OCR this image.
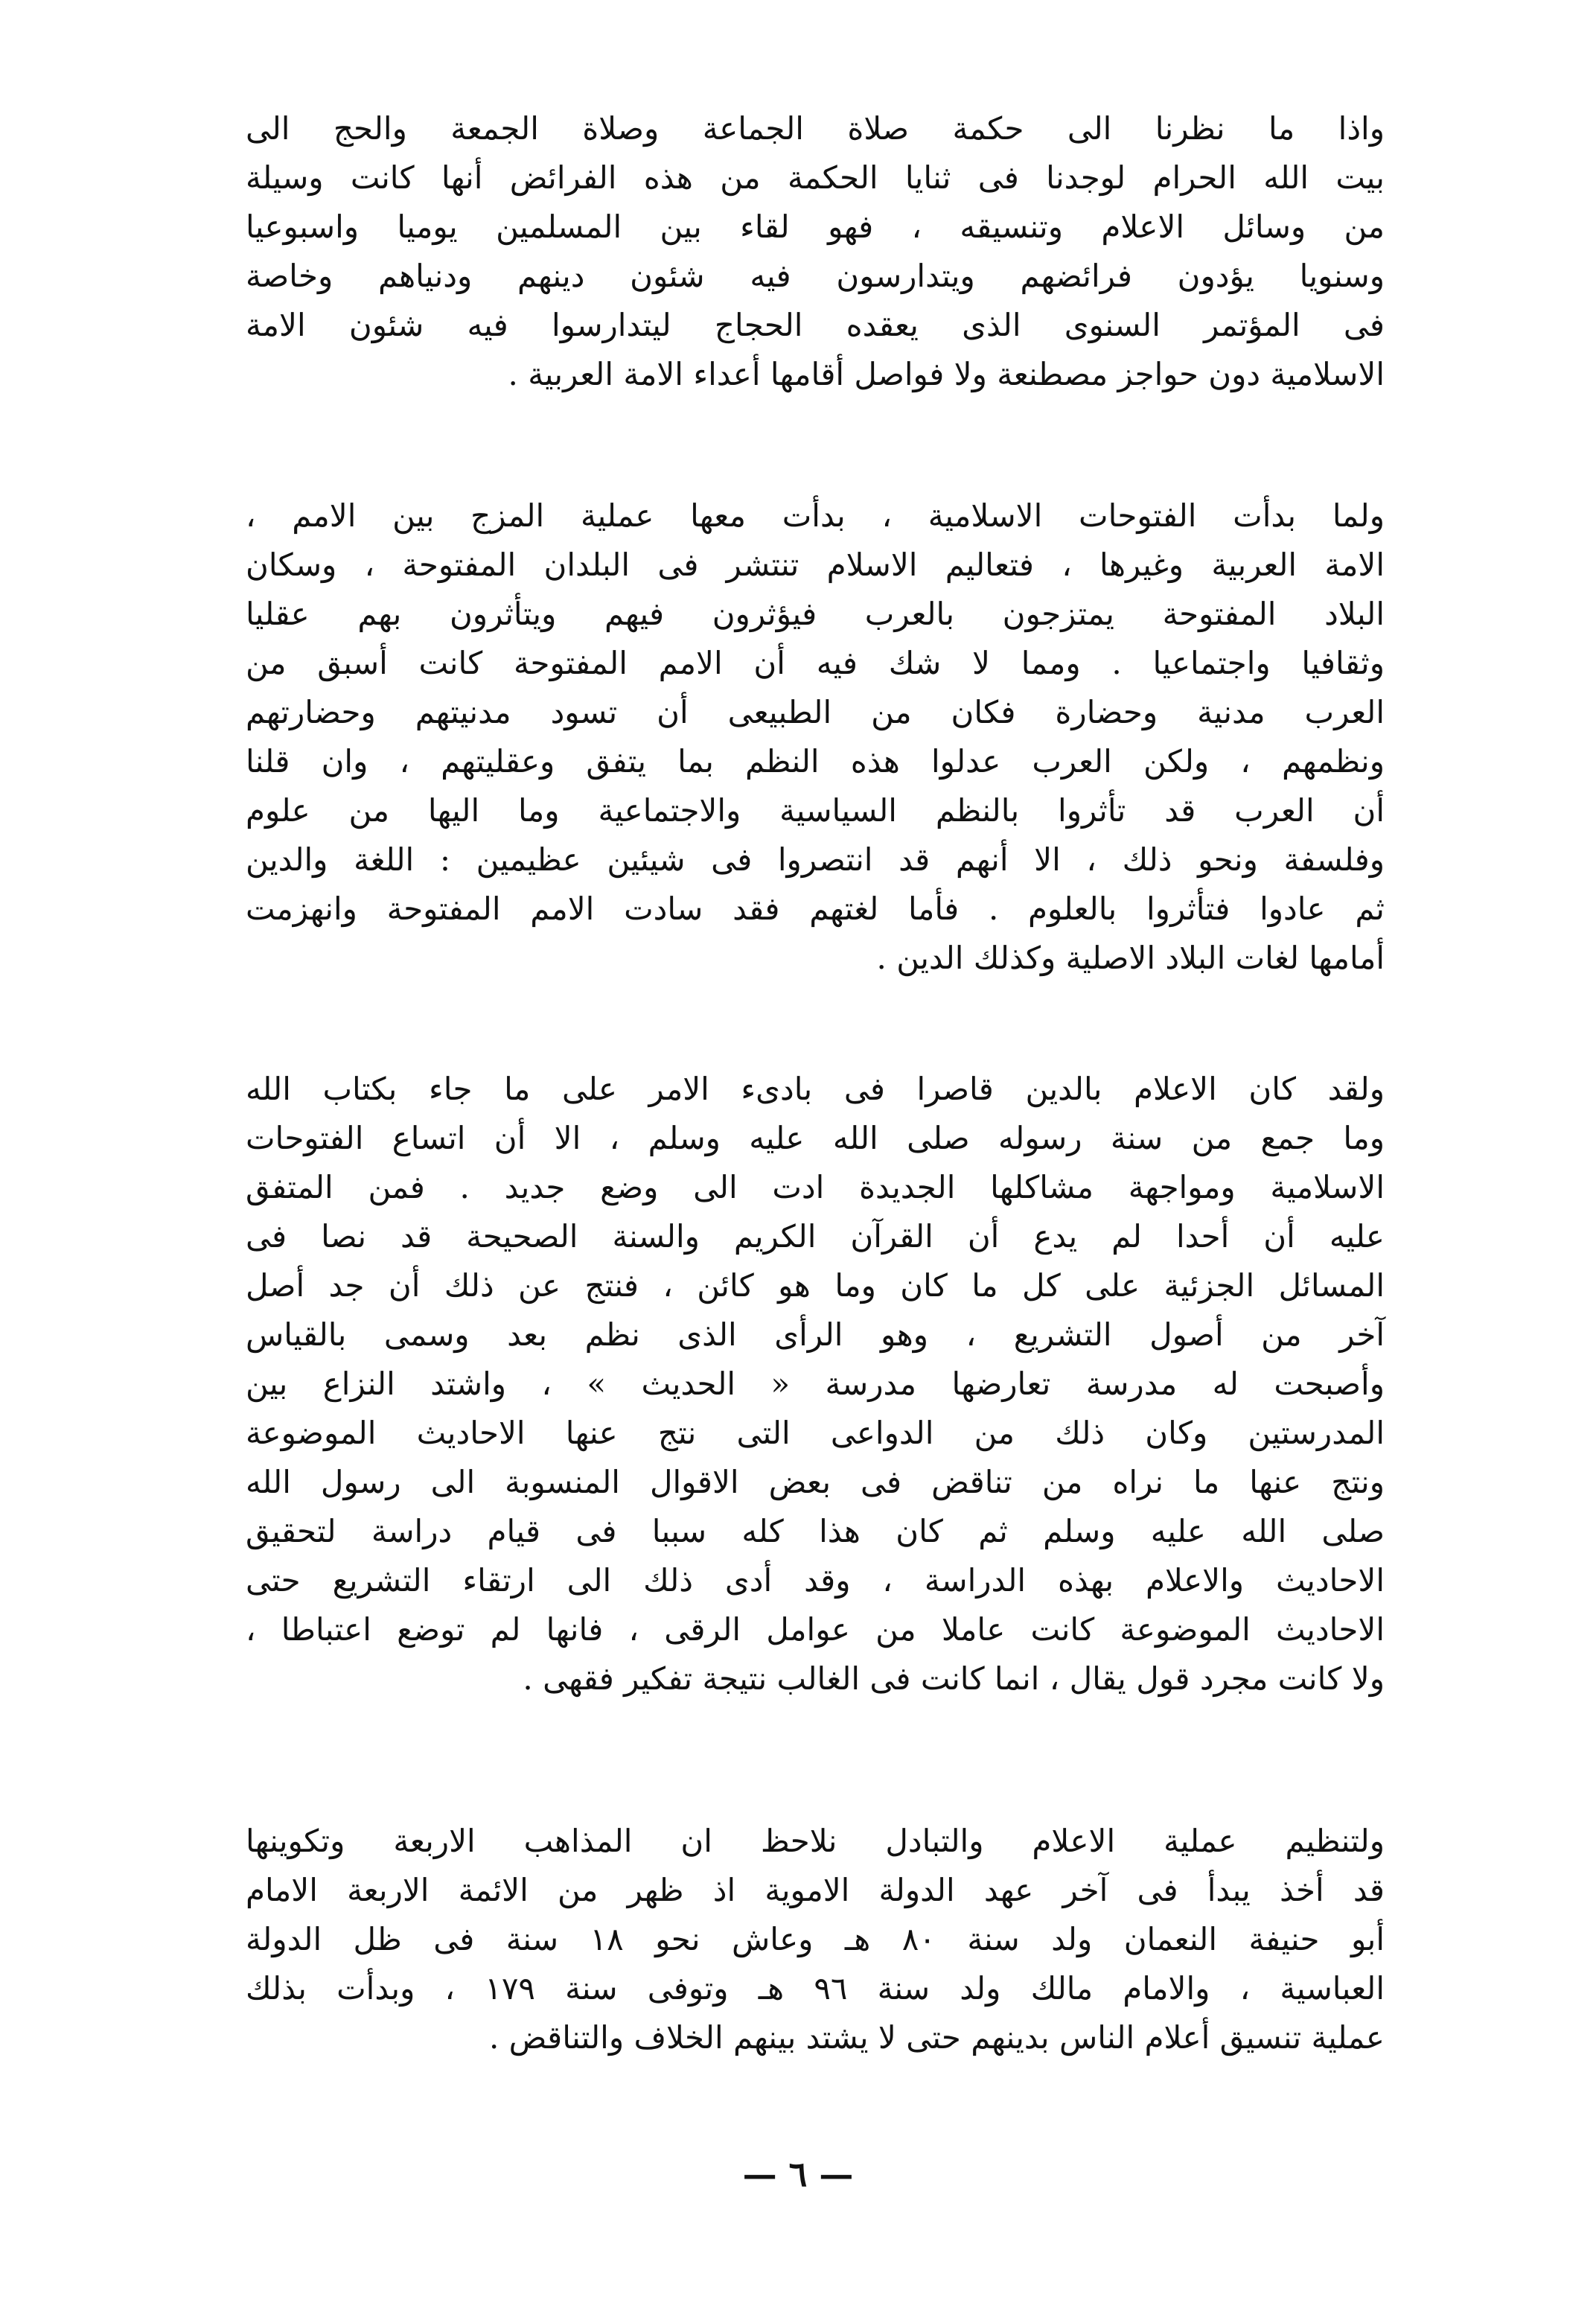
واذا ما نظرنا الى حكمة صلاة الجماعة وصلاة الجمعة والحج الى
بيت الله الحرام لوجدنا فى ثنايا الحكمة من هذه الفرائض أنها كانت وسيلة
من وسائل الاعلام وتنسيقه ، فهو لقاء بين المسلمين يوميا واسبوعيا
وسنويا يؤدون فرائضهم ويتدارسون فيه شئون دينهم ودنياهم وخاصة
فى المؤتمر السنوى الذى يعقده الحجاج ليتدارسوا فيه شئون الامة
الاسلامية دون حواجز مصطنعة ولا فواصل أقامها أعداء الامة العربية .
ولما بدأت الفتوحات الاسلامية ، بدأت معها عملية المزج بين الامم ،
الامة العربية وغيرها ، فتعاليم الاسلام تنتشر فى البلدان المفتوحة ، وسكان
البلاد المفتوحة يمتزجون بالعرب فيؤثرون فيهم ويتأثرون بهم عقليا
وثقافيا واجتماعيا . ومما لا شك فيه أن الامم المفتوحة كانت أسبق من
العرب مدنية وحضارة فكان من الطبيعى أن تسود مدنيتهم وحضارتهم
ونظمهم ، ولكن العرب عدلوا هذه النظم بما يتفق وعقليتهم ، وان قلنا
أن العرب قد تأثروا بالنظم السياسية والاجتماعية وما اليها من علوم
وفلسفة ونحو ذلك ، الا أنهم قد انتصروا فى شيئين عظيمين : اللغة والدين
ثم عادوا فتأثروا بالعلوم . فأما لغتهم فقد سادت الامم المفتوحة وانهزمت
أمامها لغات البلاد الاصلية وكذلك الدين .
ولقد كان الاعلام بالدين قاصرا فى بادىء الامر على ما جاء بكتاب الله
وما جمع من سنة رسوله صلى الله عليه وسلم ، الا أن اتساع الفتوحات
الاسلامية ومواجهة مشاكلها الجديدة ادت الى وضع جديد . فمن المتفق
عليه أن أحدا لم يدع أن القرآن الكريم والسنة الصحيحة قد نصا فى
المسائل الجزئية على كل ما كان وما هو كائن ، فنتج عن ذلك أن جد أصل
آخر من أصول التشريع ، وهو الرأى الذى نظم بعد وسمى بالقياس
وأصبحت له مدرسة تعارضها مدرسة « الحديث » ، واشتد النزاع بين
المدرستين وكان ذلك من الدواعى التى نتج عنها الاحاديث الموضوعة
ونتج عنها ما نراه من تناقض فى بعض الاقوال المنسوبة الى رسول الله
صلى الله عليه وسلم ثم كان هذا كله سببا فى قيام دراسة لتحقيق
الاحاديث والاعلام بهذه الدراسة ، وقد أدى ذلك الى ارتقاء التشريع حتى
الاحاديث الموضوعة كانت عاملا من عوامل الرقى ، فانها لم توضع اعتباطا ،
ولا كانت مجرد قول يقال ، انما كانت فى الغالب نتيجة تفكير فقهى .
ولتنظيم عملية الاعلام والتبادل نلاحظ ان المذاهب الاربعة وتكوينها
قد أخذ يبدأ فى آخر عهد الدولة الاموية اذ ظهر من الائمة الاربعة الامام
أبو حنيفة النعمان ولد سنة ٨٠ هـ وعاش نحو ١٨ سنة فى ظل الدولة
العباسية ، والامام مالك ولد سنة ٩٦ هـ وتوفى سنة ١٧٩ ، وبدأت بذلك
عملية تنسيق أعلام الناس بدينهم حتى لا يشتد بينهم الخلاف والتناقض .
— ٦ —
